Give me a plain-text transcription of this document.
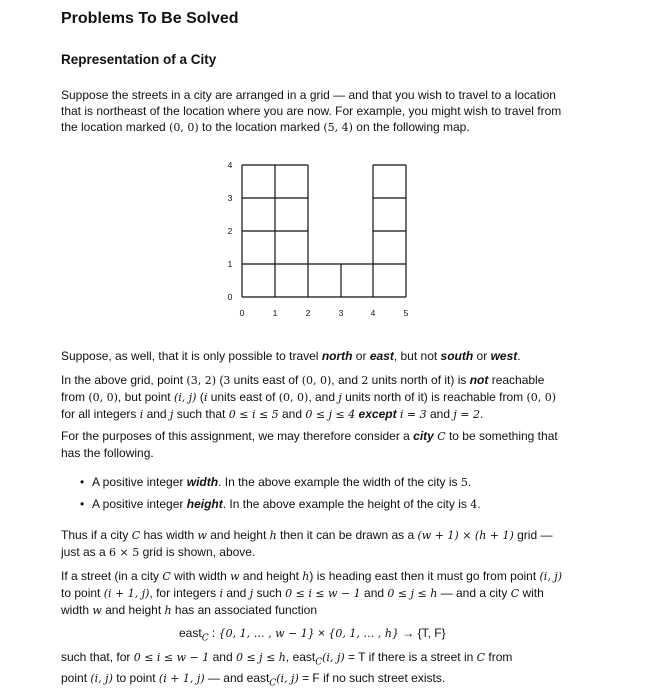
Problems To Be Solved
Representation of a City

Suppose the streets in a city are arranged in a grid — and that you wish to travel to a location
that is northeast of the location where you are now. For example, you might wish to travel from
the location marked (0, 0) to the location marked (5, 4) on the following map.

0	1	2	3	4	5
0
1
2
3
4

Suppose, as well, that it is only possible to travel north or east, but not south or west.

In the above grid, point (3, 2) (3 units east of (0, 0), and 2 units north of it) is not reachable
from (0, 0), but point (i, j) (i units east of (0, 0), and j units north of it) is reachable from (0, 0)
for all integers i and j such that 0 ≤ i ≤ 5 and 0 ≤ j ≤ 4 except i = 3 and j = 2.

For the purposes of this assignment, we may therefore consider a city C to be something that
has the following.

• A positive integer width. In the above example the width of the city is 5.
• A positive integer height. In the above example the height of the city is 4.

Thus if a city C has width w and height h then it can be drawn as a (w + 1) × (h + 1) grid —
just as a 6 × 5 grid is shown, above.

If a street (in a city C with width w and height h) is heading east then it must go from point (i, j)
to point (i + 1, j), for integers i and j such 0 ≤ i ≤ w − 1 and 0 ≤ j ≤ h — and a city C with
width w and height h has an associated function

east$_C$ : {0, 1, … , w − 1} × {0, 1, … , h} → {T, F}

such that, for 0 ≤ i ≤ w − 1 and 0 ≤ j ≤ h, east$_C$(i, j) = T if there is a street in C from
point (i, j) to point (i + 1, j) — and east$_C$(i, j) = F if no such street exists.
